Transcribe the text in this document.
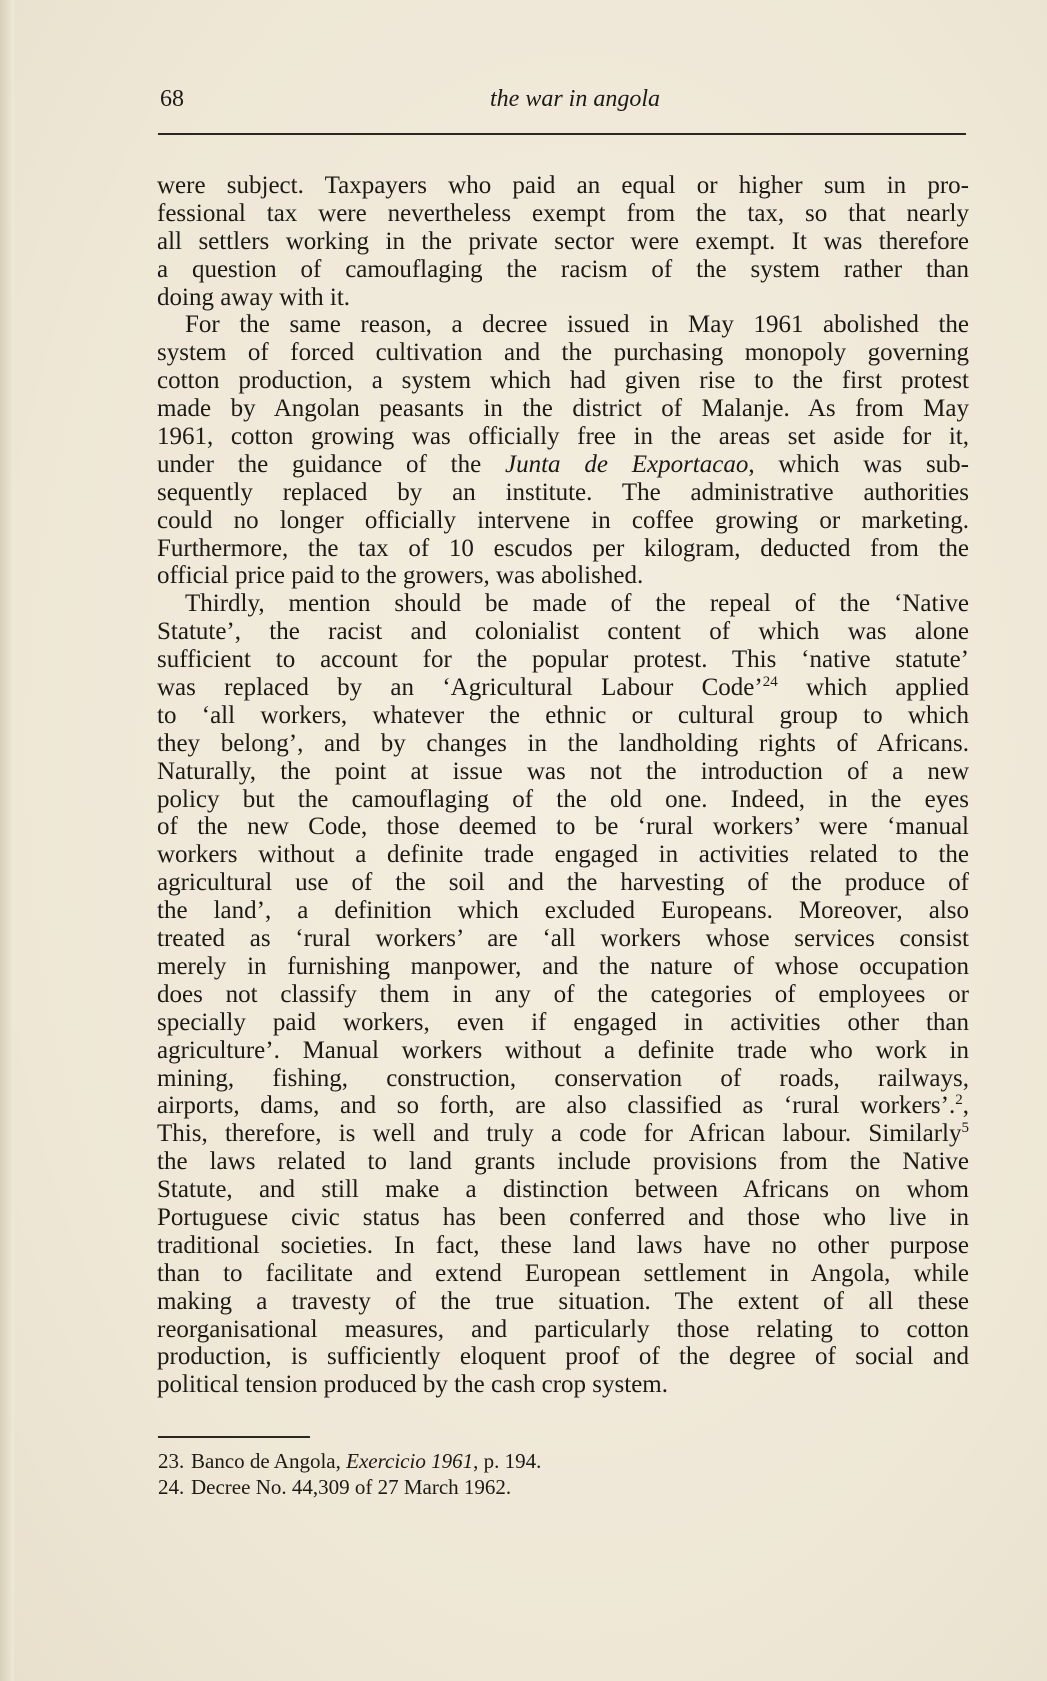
68	the war in angola
were subject. Taxpayers who paid an equal or higher sum in pro-
fessional tax were nevertheless exempt from the tax, so that nearly
all settlers working in the private sector were exempt. It was therefore
a question of camouflaging the racism of the system rather than
doing away with it.
For the same reason, a decree issued in May 1961 abolished the
system of forced cultivation and the purchasing monopoly governing
cotton production, a system which had given rise to the first protest
made by Angolan peasants in the district of Malanje. As from May
1961, cotton growing was officially free in the areas set aside for it,
under the guidance of the Junta de Exportacao, which was sub-
sequently replaced by an institute. The administrative authorities
could no longer officially intervene in coffee growing or marketing.
Furthermore, the tax of 10 escudos per kilogram, deducted from the
official price paid to the growers, was abolished.
Thirdly, mention should be made of the repeal of the ‘Native
Statute’, the racist and colonialist content of which was alone
sufficient to account for the popular protest. This ‘native statute’
was replaced by an ‘Agricultural Labour Code’$^{24}$ which applied
to ‘all workers, whatever the ethnic or cultural group to which
they belong’, and by changes in the landholding rights of Africans.
Naturally, the point at issue was not the introduction of a new
policy but the camouflaging of the old one. Indeed, in the eyes
of the new Code, those deemed to be ‘rural workers’ were ‘manual
workers without a definite trade engaged in activities related to the
agricultural use of the soil and the harvesting of the produce of
the land’, a definition which excluded Europeans. Moreover, also
treated as ‘rural workers’ are ‘all workers whose services consist
merely in furnishing manpower, and the nature of whose occupation
does not classify them in any of the categories of employees or
specially paid workers, even if engaged in activities other than
agriculture’. Manual workers without a definite trade who work in
mining, fishing, construction, conservation of roads, railways,
airports, dams, and so forth, are also classified as ‘rural workers’.$^2$,
This, therefore, is well and truly a code for African labour. Similarly$^5$
the laws related to land grants include provisions from the Native
Statute, and still make a distinction between Africans on whom
Portuguese civic status has been conferred and those who live in
traditional societies. In fact, these land laws have no other purpose
than to facilitate and extend European settlement in Angola, while
making a travesty of the true situation. The extent of all these
reorganisational measures, and particularly those relating to cotton
production, is sufficiently eloquent proof of the degree of social and
political tension produced by the cash crop system.
23. Banco de Angola, Exercicio 1961, p. 194.
24. Decree No. 44,309 of 27 March 1962.
